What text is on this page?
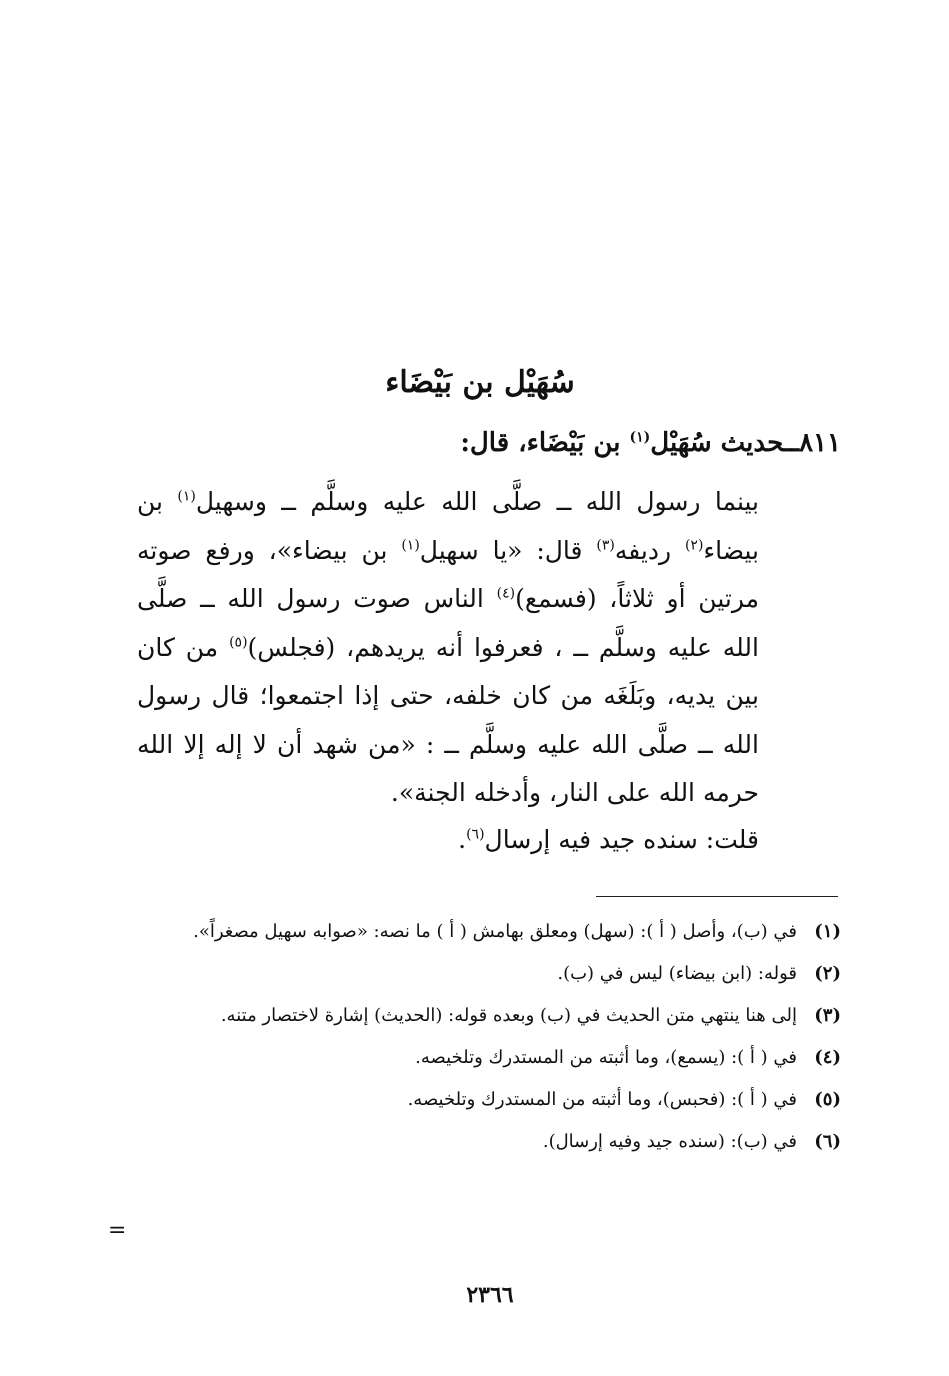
سُهَيْل بن بَيْضَاء

٨١١ــحديث سُهَيْل$^{(١)}$ بن بَيْضَاء، قال:

بينما رسول الله ــ صلَّى الله عليه وسلَّم ــ وسهيل$^{(١)}$ بن بيضاء$^{(٢)}$ رديفه$^{(٣)}$ قال: «يا سهيل$^{(١)}$ بن بيضاء»، ورفع صوته مرتين أو ثلاثاً، (فسمع)$^{(٤)}$ الناس صوت رسول الله ــ صلَّى الله عليه وسلَّم ــ ، فعرفوا أنه يريدهم، (فجلس)$^{(٥)}$ من كان بين يديه، وبَلَغَه من كان خلفه، حتى إذا اجتمعوا؛ قال رسول الله ــ صلَّى الله عليه وسلَّم ــ : «من شهد أن لا إله إلا الله حرمه الله على النار، وأدخله الجنة».

قلت: سنده جيد فيه إرسال$^{(٦)}$.

(١)
في (ب)، وأصل ( أ ): (سهل) ومعلق بهامش ( أ ) ما نصه: «صوابه سهيل مصغراً».
(٢)
قوله: (ابن بيضاء) ليس في (ب).
(٣)
إلى هنا ينتهي متن الحديث في (ب) وبعده قوله: (الحديث) إشارة لاختصار متنه.
(٤)
في ( أ ): (يسمع)، وما أثبته من المستدرك وتلخيصه.
(٥)
في ( أ ): (فحبس)، وما أثبته من المستدرك وتلخيصه.
(٦)
في (ب): (سنده جيد وفيه إرسال).
=
٢٣٦٦
